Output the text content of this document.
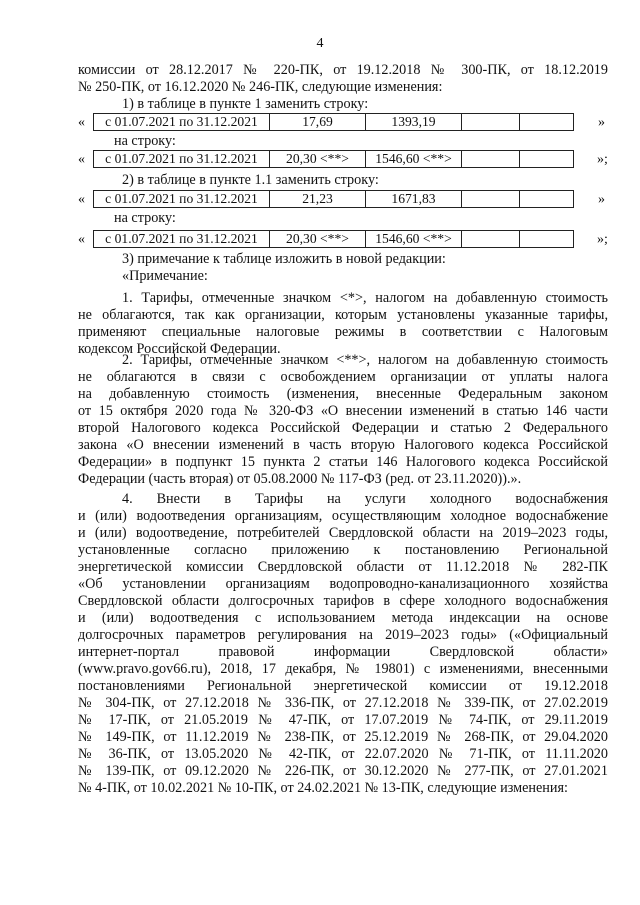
4
комиссии от 28.12.2017 № 220-ПК, от 19.12.2018 № 300-ПК, от 18.12.2019
№ 250-ПК, от 16.12.2020 № 246-ПК, следующие изменения:
1) в таблице в пункте 1 заменить строку:
« с 01.07.2021 по 31.12.2021	17,69	1393,19			»
на строку:
« с 01.07.2021 по 31.12.2021	20,30 <**>	1546,60 <**>			»;
2) в таблице в пункте 1.1 заменить строку:
« с 01.07.2021 по 31.12.2021	21,23	1671,83			»
на строку:
« с 01.07.2021 по 31.12.2021	20,30 <**>	1546,60 <**>			»;
3) примечание к таблице изложить в новой редакции:
«Примечание:
1. Тарифы, отмеченные значком <*>, налогом на добавленную стоимость
не облагаются, так как организации, которым установлены указанные тарифы,
применяют специальные налоговые режимы в соответствии с Налоговым
кодексом Российской Федерации.
2. Тарифы, отмеченные значком <**>, налогом на добавленную стоимость
не облагаются в связи с освобождением организации от уплаты налога
на добавленную стоимость (изменения, внесенные Федеральным законом
от 15 октября 2020 года № 320-ФЗ «О внесении изменений в статью 146 части
второй Налогового кодекса Российской Федерации и статью 2 Федерального
закона «О внесении изменений в часть вторую Налогового кодекса Российской
Федерации» в подпункт 15 пункта 2 статьи 146 Налогового кодекса Российской
Федерации (часть вторая) от 05.08.2000 № 117-ФЗ (ред. от 23.11.2020)).».
4. Внести в Тарифы на услуги холодного водоснабжения
и (или) водоотведения организациям, осуществляющим холодное водоснабжение
и (или) водоотведение, потребителей Свердловской области на 2019–2023 годы,
установленные согласно приложению к постановлению Региональной
энергетической комиссии Свердловской области от 11.12.2018 № 282-ПК
«Об установлении организациям водопроводно-канализационного хозяйства
Свердловской области долгосрочных тарифов в сфере холодного водоснабжения
и (или) водоотведения с использованием метода индексации на основе
долгосрочных параметров регулирования на 2019–2023 годы» («Официальный
интернет-портал правовой информации Свердловской области»
(www.pravo.gov66.ru), 2018, 17 декабря, № 19801) с изменениями, внесенными
постановлениями Региональной энергетической комиссии от 19.12.2018
№ 304-ПК, от 27.12.2018 № 336-ПК, от 27.12.2018 № 339-ПК, от 27.02.2019
№ 17-ПК, от 21.05.2019 № 47-ПК, от 17.07.2019 № 74-ПК, от 29.11.2019
№ 149-ПК, от 11.12.2019 № 238-ПК, от 25.12.2019 № 268-ПК, от 29.04.2020
№ 36-ПК, от 13.05.2020 № 42-ПК, от 22.07.2020 № 71-ПК, от 11.11.2020
№ 139-ПК, от 09.12.2020 № 226-ПК, от 30.12.2020 № 277-ПК, от 27.01.2021
№ 4-ПК, от 10.02.2021 № 10-ПК, от 24.02.2021 № 13-ПК, следующие изменения:
